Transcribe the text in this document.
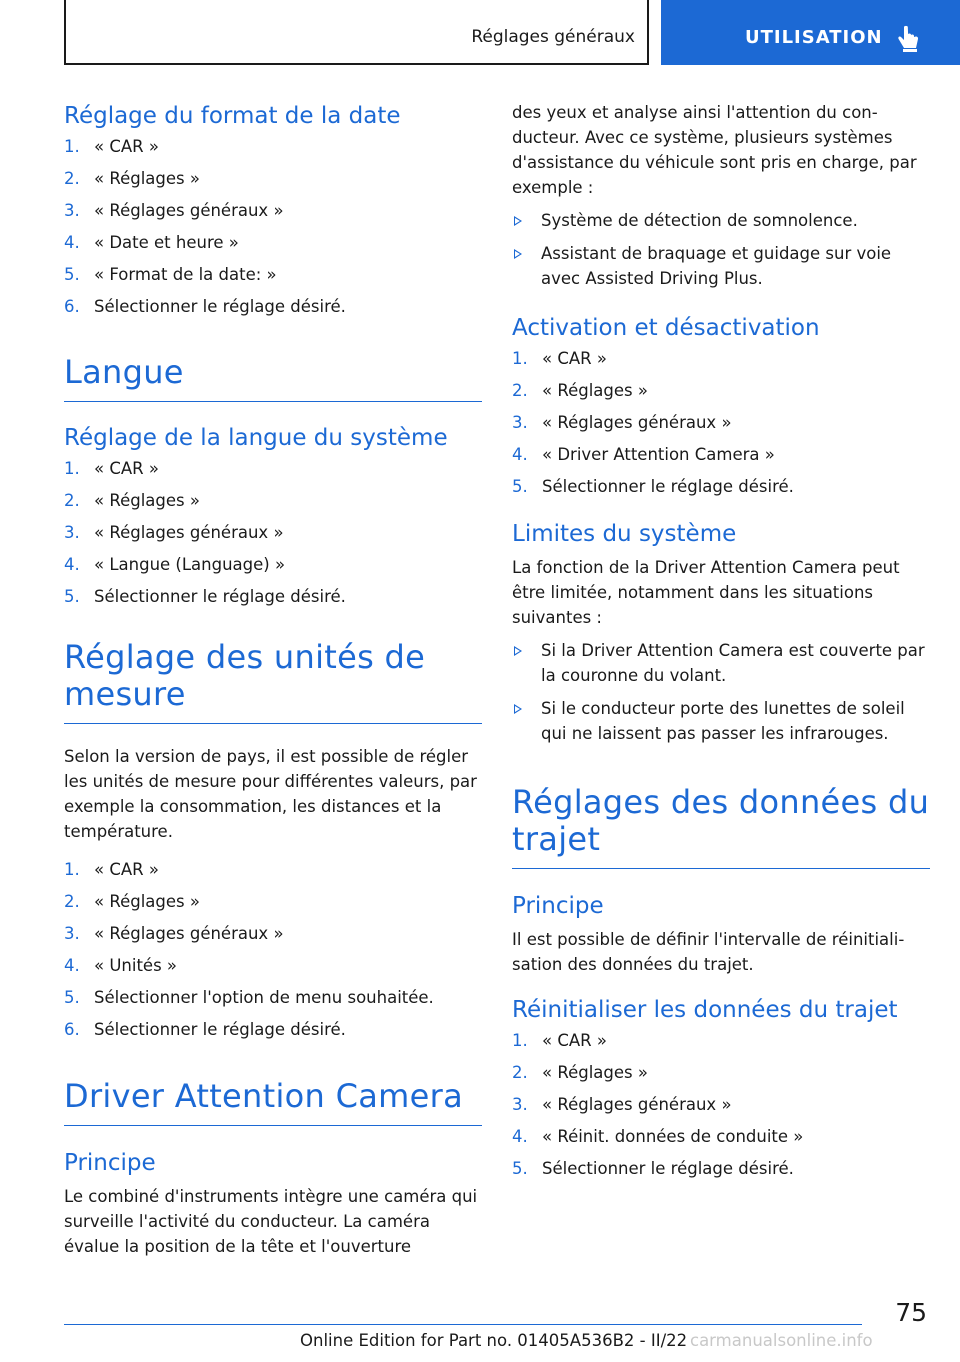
Réglages généraux	UTILISATION
Réglage du format de la date
1. « CAR »
2. « Réglages »
3. « Réglages généraux »
4. « Date et heure »
5. « Format de la date: »
6. Sélectionner le réglage désiré.
Langue
Réglage de la langue du système
1. « CAR »
2. « Réglages »
3. « Réglages généraux »
4. « Langue (Language) »
5. Sélectionner le réglage désiré.
Réglage des unités de
mesure

Selon la version de pays, il est possible de régler les unités de mesure pour différentes valeurs, par exemple la consommation, les distances et la température.

1. « CAR »
2. « Réglages »
3. « Réglages généraux »
4. « Unités »
5. Sélectionner l'option de menu souhaitée.
6. Sélectionner le réglage désiré.
Driver Attention Camera
Principe

Le combiné d'instruments intègre une caméra qui surveille l'activité du conducteur. La caméra évalue la position de la tête et l'ouverture

des yeux et analyse ainsi l'attention du conducteur. Avec ce système, plusieurs systèmes d'assistance du véhicule sont pris en charge, par exemple :

Système de détection de somnolence.
Assistant de braquage et guidage sur voie avec Assisted Driving Plus.
Activation et désactivation
1. « CAR »
2. « Réglages »
3. « Réglages généraux »
4. « Driver Attention Camera »
5. Sélectionner le réglage désiré.
Limites du système

La fonction de la Driver Attention Camera peut être limitée, notamment dans les situations suivantes :

Si la Driver Attention Camera est couverte par la couronne du volant.
Si le conducteur porte des lunettes de soleil qui ne laissent pas passer les infrarouges.
Réglages des données du
trajet
Principe

Il est possible de définir l'intervalle de réinitialisation des données du trajet.

Réinitialiser les données du trajet
1. « CAR »
2. « Réglages »
3. « Réglages généraux »
4. « Réinit. données de conduite »
5. Sélectionner le réglage désiré.
75
Online Edition for Part no. 01405A536B2 - II/22 carmanualsonline.info
